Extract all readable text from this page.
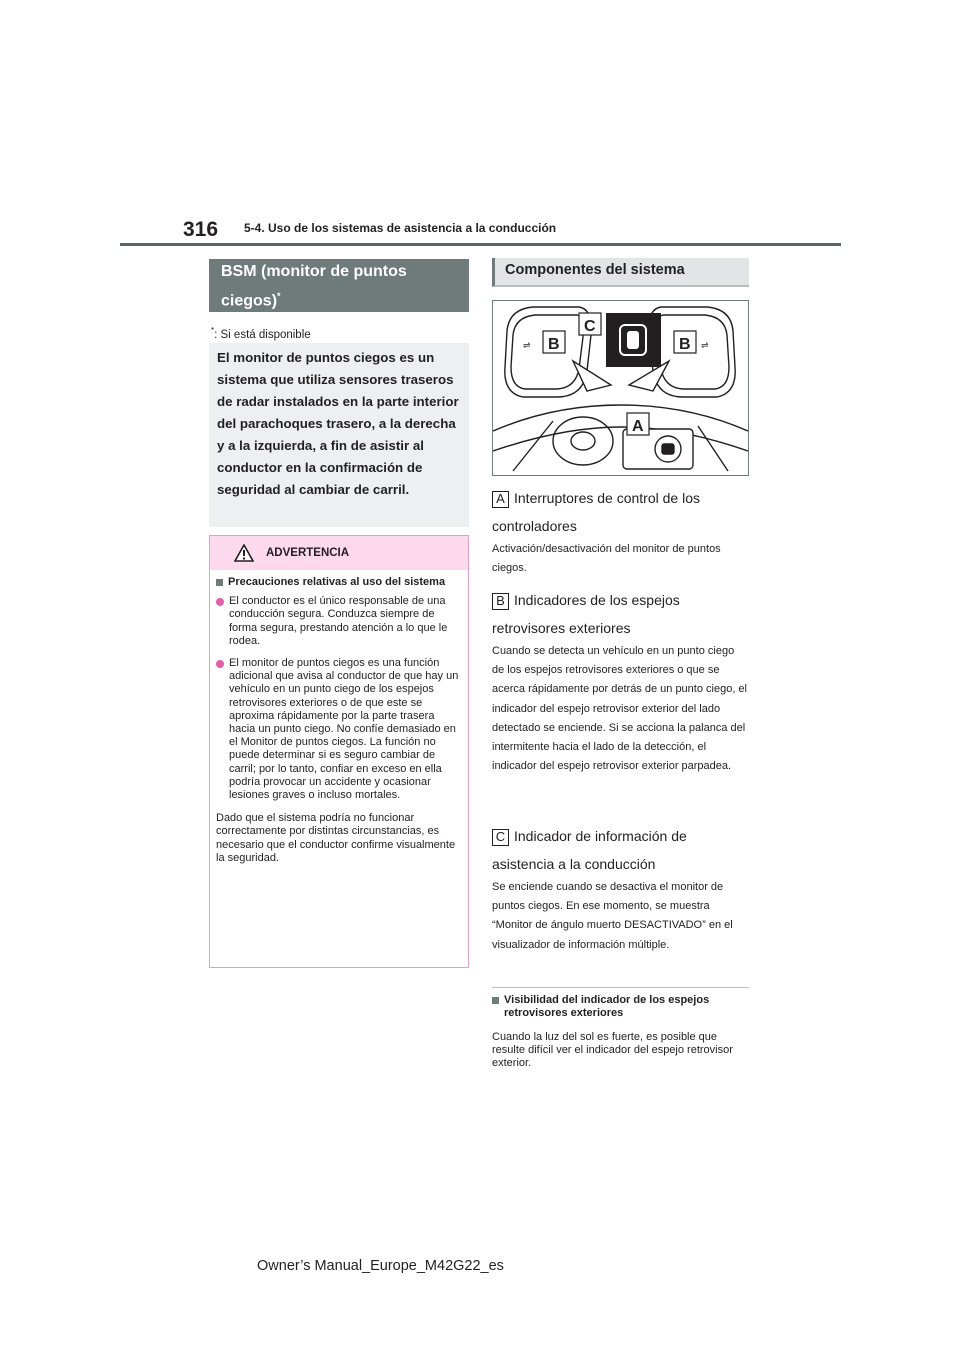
316 5-4. Uso de los sistemas de asistencia a la conducción
BSM (monitor de puntos ciegos)*
*: Si está disponible

El monitor de puntos ciegos es un sistema que utiliza sensores traseros de radar instalados en la parte interior del parachoques trasero, a la derecha y a la izquierda, a fin de asistir al conductor en la confirmación de seguridad al cambiar de carril.

ADVERTENCIA
Precauciones relativas al uso del sistema
El conductor es el único responsable de una conducción segura. Conduzca siempre de forma segura, prestando atención a lo que le rodea.
El monitor de puntos ciegos es una función adicional que avisa al conductor de que hay un vehículo en un punto ciego de los espejos retrovisores exteriores o de que este se aproxima rápidamente por la parte trasera hacia un punto ciego. No confíe demasiado en el Monitor de puntos ciegos. La función no puede determinar si es seguro cambiar de carril; por lo tanto, confiar en exceso en ella podría provocar un accidente y ocasionar lesiones graves o incluso mortales.
Dado que el sistema podría no funcionar correctamente por distintas circunstancias, es necesario que el conductor confirme visualmente la seguridad.
Componentes del sistema
⇌	⇌
B	B
C
A
A Interruptores de control de los controladores
Activación/desactivación del monitor de puntos ciegos.
B Indicadores de los espejos retrovisores exteriores
Cuando se detecta un vehículo en un punto ciego de los espejos retrovisores exteriores o que se acerca rápidamente por detrás de un punto ciego, el indicador del espejo retrovisor exterior del lado detectado se enciende. Si se acciona la palanca del intermitente hacia el lado de la detección, el indicador del espejo retrovisor exterior parpadea.
C Indicador de información de asistencia a la conducción
Se enciende cuando se desactiva el monitor de puntos ciegos. En ese momento, se muestra “Monitor de ángulo muerto DESACTIVADO” en el visualizador de información múltiple.
Visibilidad del indicador de los espejos retrovisores exteriores
Cuando la luz del sol es fuerte, es posible que resulte difícil ver el indicador del espejo retrovisor exterior.
Owner’s Manual_Europe_M42G22_es
